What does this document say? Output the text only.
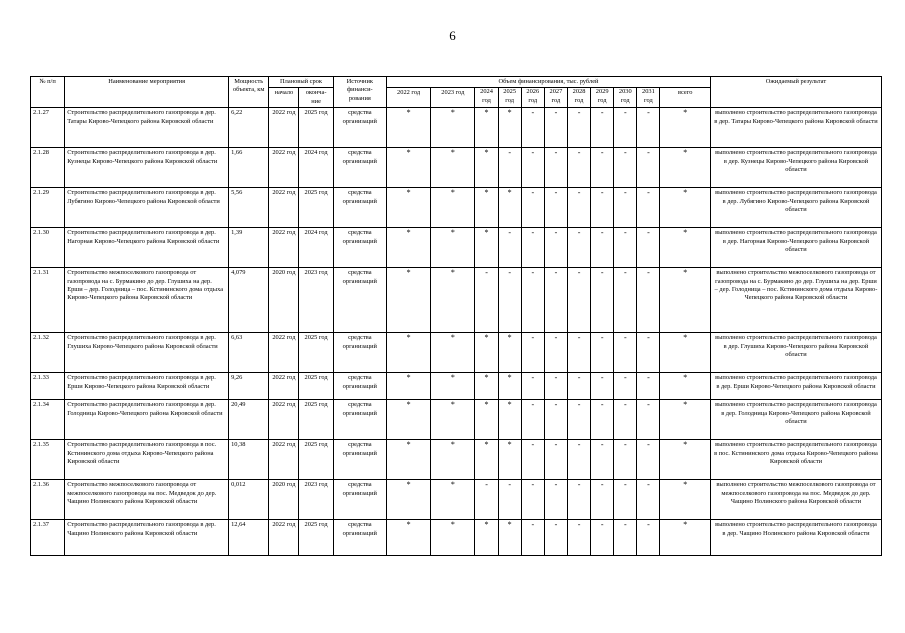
6
№ п/п	Наименование мероприятия	Мощность объекта, км	Плановый срок		Источник финанси- рования	Объем финансирования, тыс. рублей											Ожидаемый результат
			начало	оконча- ние		2022 год	2023 год	2024 год	2025 год	2026 год	2027 год	2028 год	2029 год	2030 год	2031 год	всего	

2.1.27	Строительство распределительного газопровода в дер. Татары Кирово-Чепецкого района Кировской области	6,22	2022 год	2025 год	средства организаций	*	*	*	*	-	-	-	-	-	-	*	выполнено строительство распределительного газопровода в дер. Татары Кирово-Чепецкого района Кировской области
2.1.28	Строительство распределительного газопровода в дер. Кузнецы Кирово-Чепецкого района Кировской области	1,66	2022 год	2024 год	средства организаций	*	*	*	-	-	-	-	-	-	-	*	выполнено строительство распределительного газопровода в дер. Кузнецы Кирово-Чепецкого района Кировской области
2.1.29	Строительство распределительного газопровода в дер. Лубягино Кирово-Чепецкого района Кировской области	5,56	2022 год	2025 год	средства организаций	*	*	*	*	-	-	-	-	-	-	*	выполнено строительство распределительного газопровода в дер. Лубягино Кирово-Чепецкого района Кировской области
2.1.30	Строительство распределительного газопровода в дер. Нагорная Кирово-Чепецкого района Кировской области	1,39	2022 год	2024 год	средства организаций	*	*	*	-	-	-	-	-	-	-	*	выполнено строительство распределительного газопровода в дер. Нагорная Кирово-Чепецкого района Кировской области
2.1.31	Строительство межпоселкового газопровода от газопровода на с. Бурмакино до дер. Глушиха на дер. Ерши – дер. Голодница – пос. Кстининского дома отдыха Кирово-Чепецкого района Кировской области	4,079	2020 год	2023 год	средства организаций	*	*	-	-	-	-	-	-	-	-	*	выполнено строительство межпоселкового газопровода от газопровода на с. Бурмакино до дер. Глушиха на дер. Ерши – дер. Голодница – пос. Кстининского дома отдыха Кирово-Чепецкого района Кировской области
2.1.32	Строительство распределительного газопровода в дер. Глушиха Кирово-Чепецкого района Кировской области	6,63	2022 год	2025 год	средства организаций	*	*	*	*	-	-	-	-	-	-	*	выполнено строительство распределительного газопровода в дер. Глушиха Кирово-Чепецкого района Кировской области
2.1.33	Строительство распределительного газопровода в дер. Ерши Кирово-Чепецкого района Кировской области	9,26	2022 год	2025 год	средства организаций	*	*	*	*	-	-	-	-	-	-	*	выполнено строительство распределительного газопровода в дер. Ерши Кирово-Чепецкого района Кировской области
2.1.34	Строительство распределительного газопровода в дер. Голодница Кирово-Чепецкого района Кировской области	20,49	2022 год	2025 год	средства организаций	*	*	*	*	-	-	-	-	-	-	*	выполнено строительство распределительного газопровода в дер. Голодница Кирово-Чепецкого района Кировской области
2.1.35	Строительство распределительного газопровода в пос. Кстининского дома отдыха Кирово-Чепецкого района Кировской области	10,38	2022 год	2025 год	средства организаций	*	*	*	*	-	-	-	-	-	-	*	выполнено строительство распределительного газопровода в пос. Кстининского дома отдыха Кирово-Чепецкого района Кировской области
2.1.36	Строительство межпоселкового газопровода от межпоселкового газопровода на пос. Медведок до дер. Чащино Нолинского района Кировской области	0,012	2020 год	2023 год	средства организаций	*	*	-	-	-	-	-	-	-	-	*	выполнено строительство межпоселкового газопровода от межпоселкового газопровода на пос. Медведок до дер. Чащино Нолинского района Кировской области
2.1.37	Строительство распределительного газопровода в дер. Чащино Нолинского района Кировской области	12,64	2022 год	2025 год	средства организаций	*	*	*	*	-	-	-	-	-	-	*	выполнено строительство распределительного газопровода в дер. Чащино Нолинского района Кировской области
